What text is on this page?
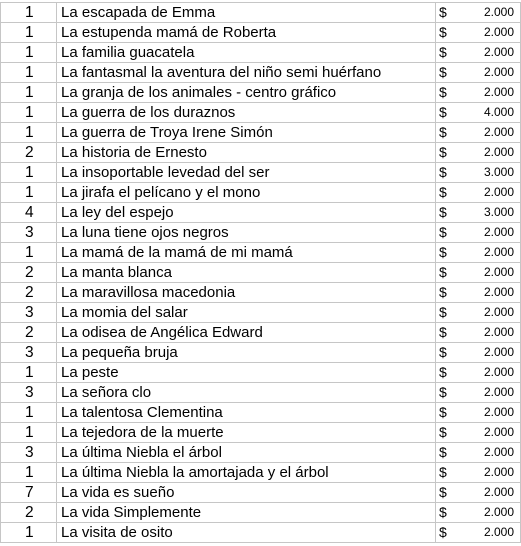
1	La escapada de Emma	$	2.000
1	La estupenda mamá de Roberta	$	2.000
1	La familia guacatela	$	2.000
1	La fantasmal la aventura del niño semi huérfano	$	2.000
1	La granja de los animales - centro gráfico	$	2.000
1	La guerra de los duraznos	$	4.000
1	La guerra de Troya Irene Simón	$	2.000
2	La historia de Ernesto	$	2.000
1	La insoportable levedad del ser	$	3.000
1	La jirafa el pelícano y el mono	$	2.000
4	La ley del espejo	$	3.000
3	La luna tiene ojos negros	$	2.000
1	La mamá de la mamá de mi mamá	$	2.000
2	La manta blanca	$	2.000
2	La maravillosa macedonia	$	2.000
3	La momia del salar	$	2.000
2	La odisea de Angélica Edward	$	2.000
3	La pequeña bruja	$	2.000
1	La peste	$	2.000
3	La señora clo	$	2.000
1	La talentosa Clementina	$	2.000
1	La tejedora de la muerte	$	2.000
3	La última Niebla el árbol	$	2.000
1	La última Niebla la amortajada y el árbol	$	2.000
7	La vida es sueño	$	2.000
2	La vida Simplemente	$	2.000
1	La visita de osito	$	2.000
